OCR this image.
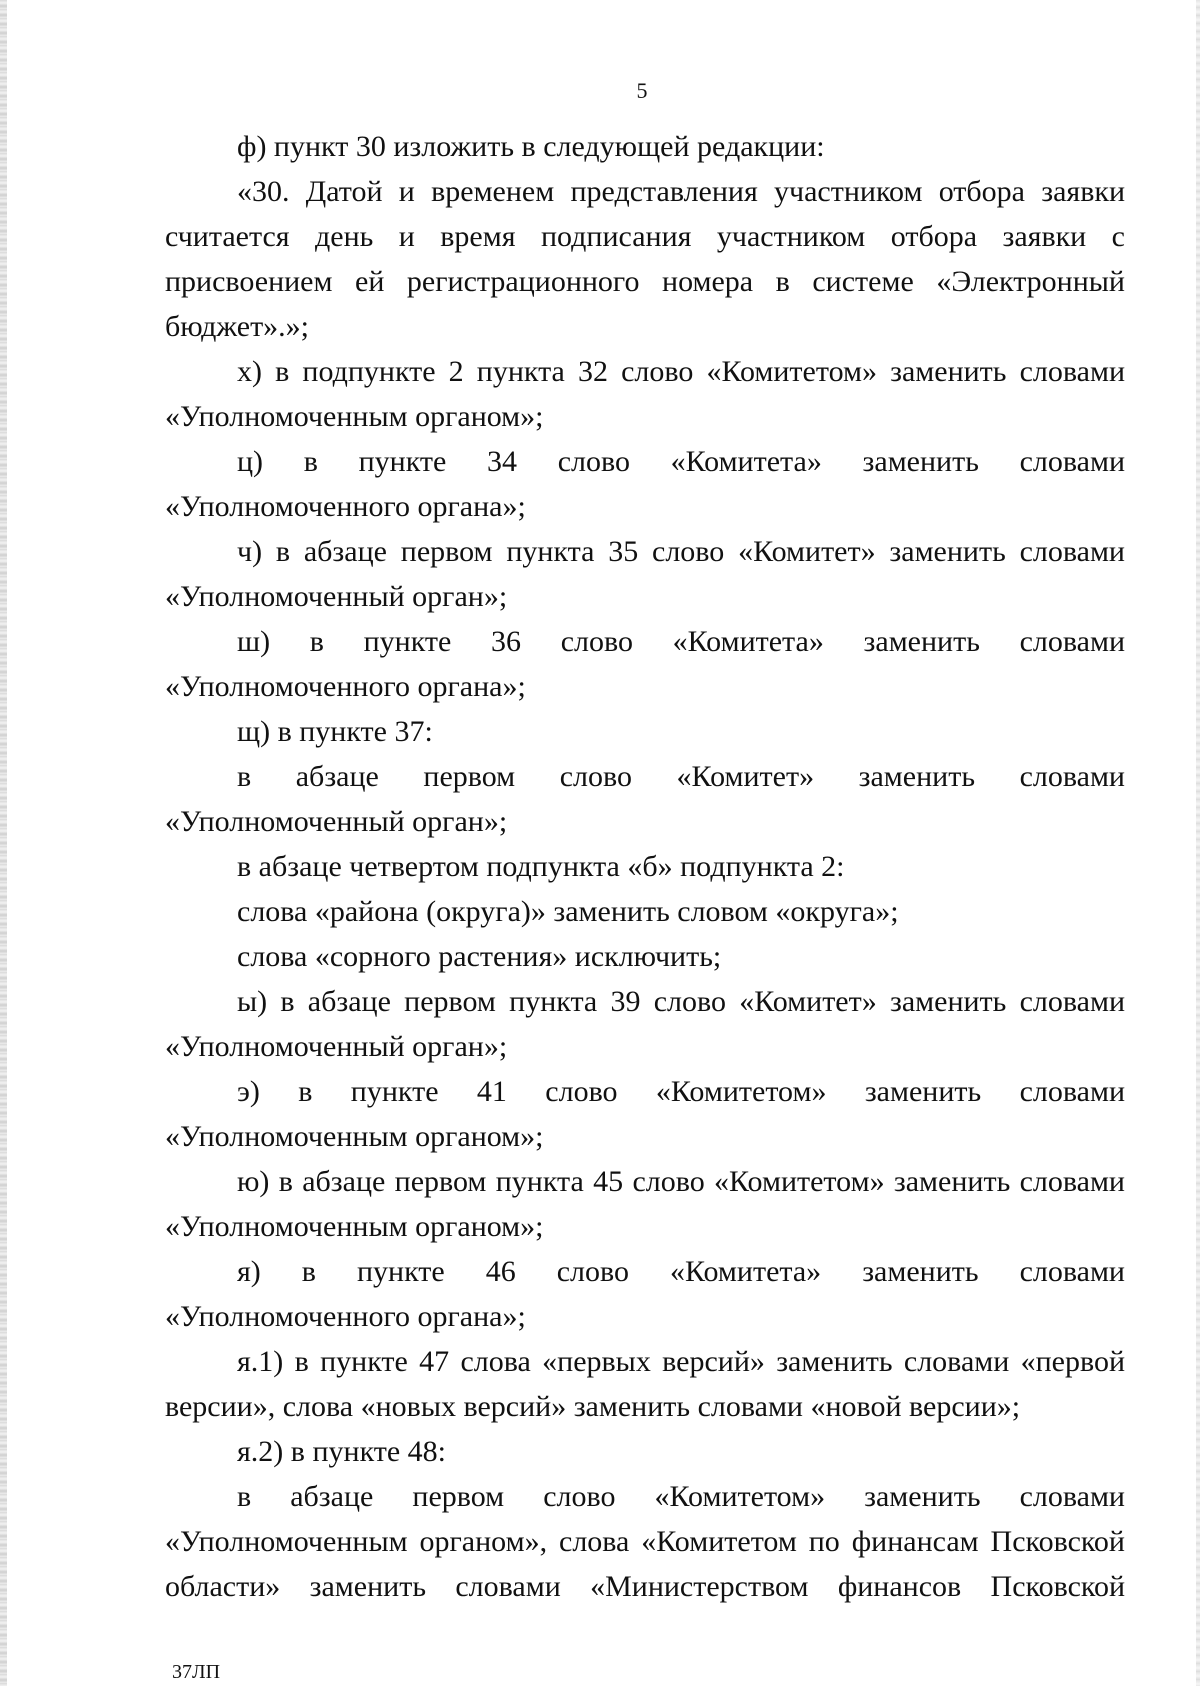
5

ф) пункт 30 изложить в следующей редакции:

«30. Датой и временем представления участником отбора заявки считается день и время подписания участником отбора заявки с присвоением ей регистрационного номера в системе «Электронный бюджет».»;

х) в подпункте 2 пункта 32 слово «Комитетом» заменить словами «Уполномоченным органом»;

ц) в пункте 34 слово «Комитета» заменить словами «Уполномоченного органа»;

ч) в абзаце первом пункта 35 слово «Комитет» заменить словами «Уполномоченный орган»;

ш) в пункте 36 слово «Комитета» заменить словами «Уполномоченного органа»;

щ) в пункте 37:

в абзаце первом слово «Комитет» заменить словами «Уполномоченный орган»;

в абзаце четвертом подпункта «б» подпункта 2:

слова «района (округа)» заменить словом «округа»;

слова «сорного растения» исключить;

ы) в абзаце первом пункта 39 слово «Комитет» заменить словами «Уполномоченный орган»;

э) в пункте 41 слово «Комитетом» заменить словами «Уполномоченным органом»;

ю) в абзаце первом пункта 45 слово «Комитетом» заменить словами «Уполномоченным органом»;

я) в пункте 46 слово «Комитета» заменить словами «Уполномоченного органа»;

я.1) в пункте 47 слова «первых версий» заменить словами «первой версии», слова «новых версий» заменить словами «новой версии»;

я.2) в пункте 48:

в абзаце первом слово «Комитетом» заменить словами «Уполномоченным органом», слова «Комитетом по финансам Псковской области» заменить словами «Министерством финансов Псковской

37ЛП
